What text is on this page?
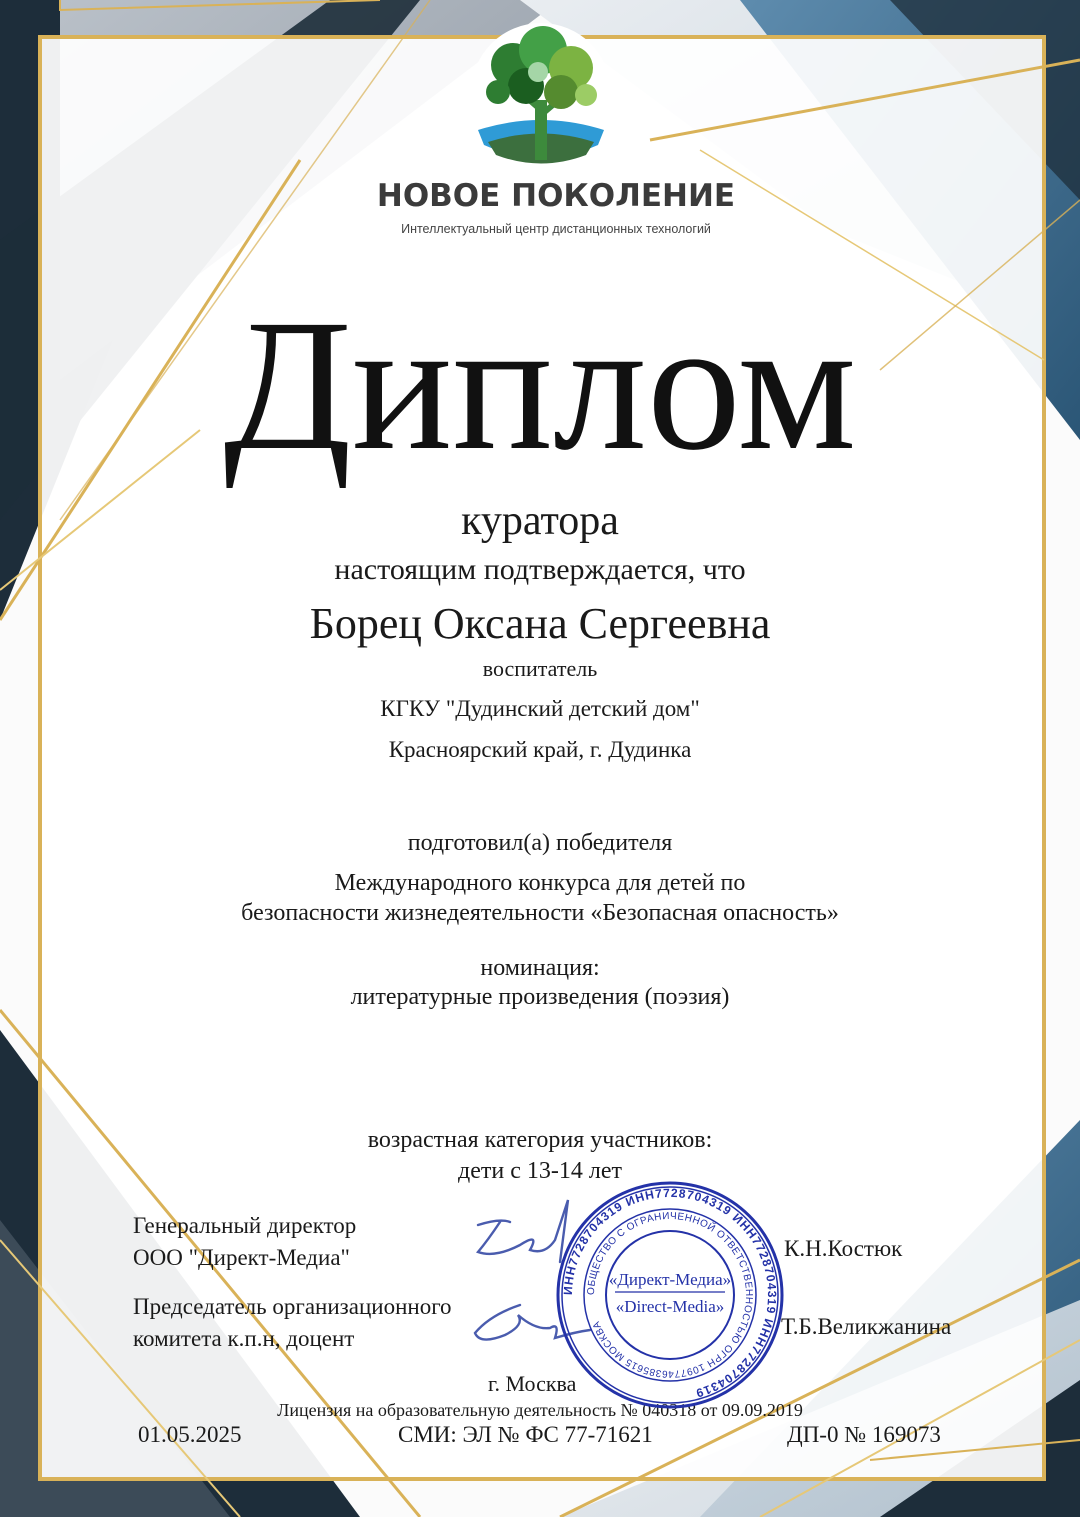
НОВОЕ ПОКОЛЕНИЕ
Интеллектуальный центр дистанционных технологий
Диплом
куратора
настоящим подтверждается, что
Борец Оксана Сергеевна
воспитатель
КГКУ "Дудинский детский дом"
Красноярский край, г. Дудинка
подготовил(а) победителя
Международного конкурса для детей по
безопасности жизнедеятельности «Безопасная опасность»
номинация:
литературные произведения (поэзия)
возрастная категория участников:
дети с 13-14 лет
Генеральный директор
ООО "Директ-Медиа"
Председатель организационного
комитета к.п.н, доцент
К.Н.Костюк
Т.Б.Великжанина
г. Москва
Лицензия на образовательную деятельность № 040318 от 09.09.2019
01.05.2025	СМИ: ЭЛ № ФС 77-71621	ДП-0 № 169073
ИНН7728704319 ИНН7728704319 ИНН7728704319 ИНН7728704319
ОБЩЕСТВО С ОГРАНИЧЕННОЙ ОТВЕТСТВЕННОСТЬЮ ОГРН 1097746385615 МОСКВА
«Директ-Медиа»
«Direct-Media»
